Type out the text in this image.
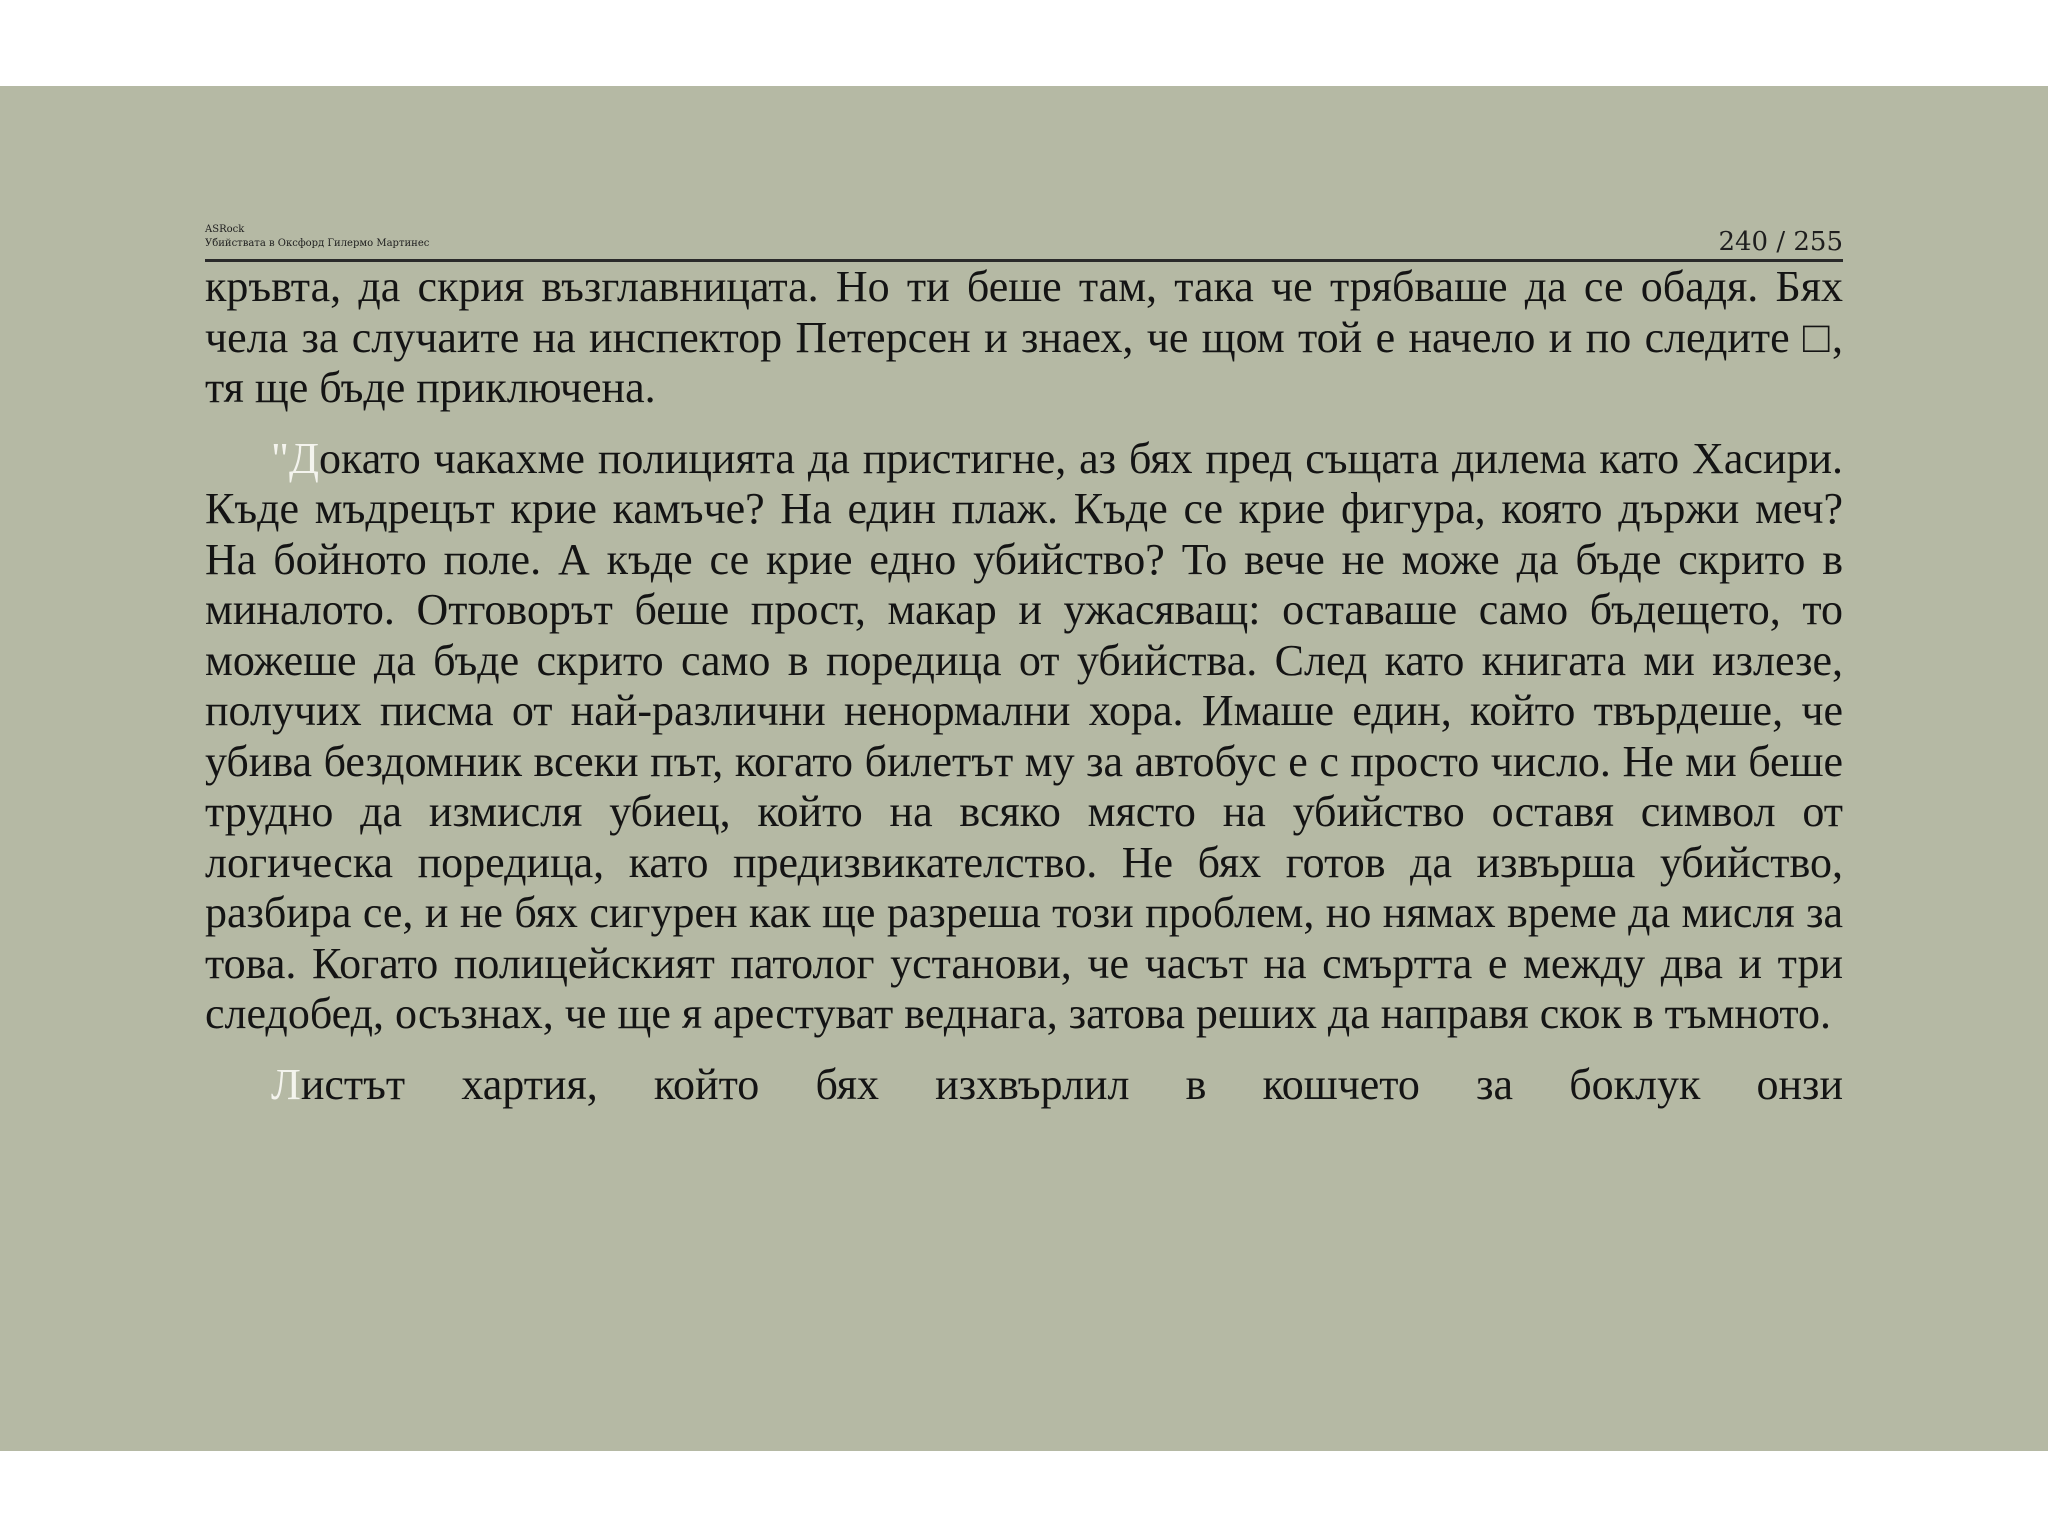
ASRock
Убийствата в Оксфорд Гилермо Мартинес	240 / 255

кръвта, да скрия възглавницата. Но ти беше там, така че трябваше да се обадя. Бях чела за случаите на инспектор Петерсен и знаех, че щом той е начело и по следите □, тя ще бъде приключена.

"Докато чакахме полицията да пристигне, аз бях пред същата дилема като Хасири. Къде мъдрецът крие камъче? На един плаж. Къде се крие фигура, която държи меч? На бойното поле. А къде се крие едно убийство? То вече не може да бъде скрито в миналото. Отговорът беше прост, макар и ужасяващ: оставаше само бъдещето, то можеше да бъде скрито само в поредица от убийства. След като книгата ми излезе, получих писма от най-различни ненормални хора. Имаше един, който твърдеше, че убива бездомник всеки път, когато билетът му за автобус е с просто число. Не ми беше трудно да измисля убиец, който на всяко място на убийство оставя символ от логическа поредица, като предизвикателство. Не бях готов да извърша убийство, разбира се, и не бях сигурен как ще разреша този проблем, но нямах време да мисля за това. Когато полицейският патолог установи, че часът на смъртта е между два и три следобед, осъзнах, че ще я арестуват веднага, затова реших да направя скок в тъмното.

Листът хартия, който бях изхвърлил в кошчето за боклук онзи
